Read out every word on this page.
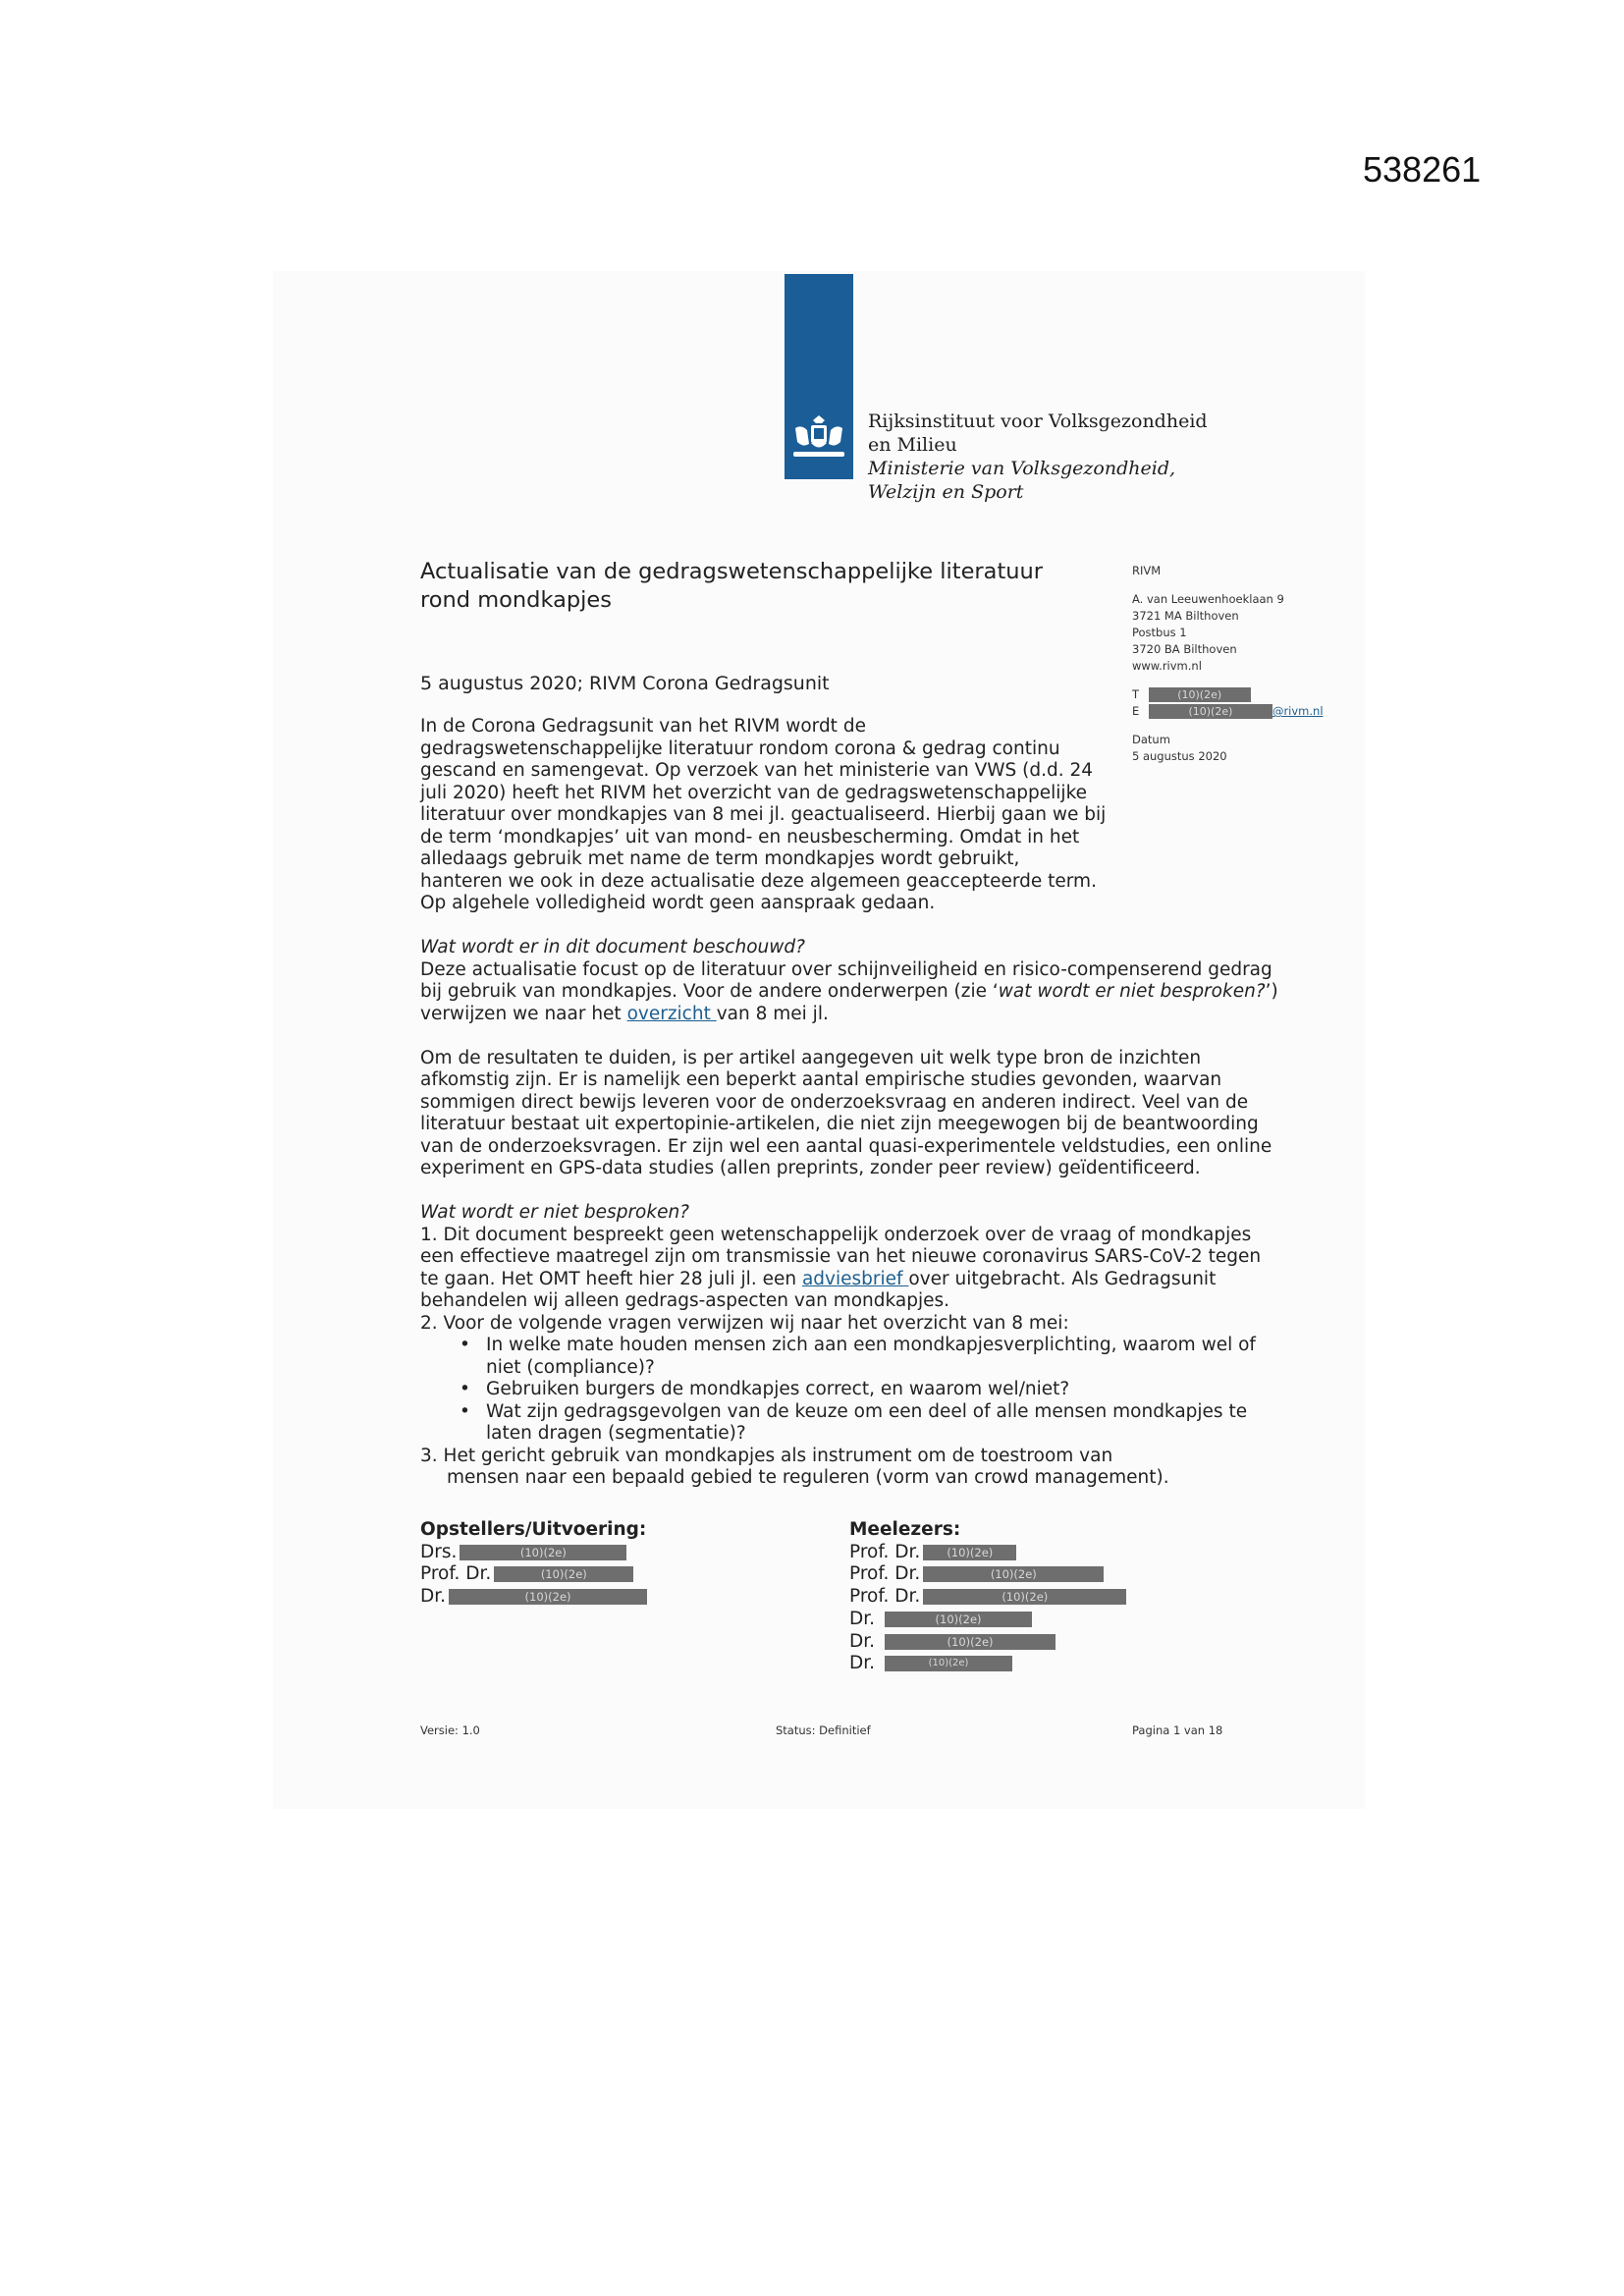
538261
Rijksinstituut voor Volksgezondheid
en Milieu
Ministerie van Volksgezondheid,
Welzijn en Sport
Actualisatie van de gedragswetenschappelijke literatuur rond mondkapjes
5 augustus 2020; RIVM Corona Gedragsunit
RIVM
A. van Leeuwenhoeklaan 9
3721 MA Bilthoven
Postbus 1
3720 BA Bilthoven
www.rivm.nl
T	(10)(2e)
E	(10)(2e)	@rivm.nl
Datum
5 augustus 2020

In de Corona Gedragsunit van het RIVM wordt de gedragswetenschappelijke literatuur rondom corona & gedrag continu gescand en samengevat. Op verzoek van het ministerie van VWS (d.d. 24 juli 2020) heeft het RIVM het overzicht van de gedragswetenschappelijke literatuur over mondkapjes van 8 mei jl. geactualiseerd. Hierbij gaan we bij de term ‘mondkapjes’ uit van mond- en neusbescherming. Omdat in het alledaags gebruik met name de term mondkapjes wordt gebruikt, hanteren we ook in deze actualisatie deze algemeen geaccepteerde term. Op algehele volledigheid wordt geen aanspraak gedaan.

Wat wordt er in dit document beschouwd?

Deze actualisatie focust op de literatuur over schijnveiligheid en risico-compenserend gedrag bij gebruik van mondkapjes. Voor de andere onderwerpen (zie ‘wat wordt er niet besproken?’) verwijzen we naar het overzicht van 8 mei jl.

Om de resultaten te duiden, is per artikel aangegeven uit welk type bron de inzichten afkomstig zijn. Er is namelijk een beperkt aantal empirische studies gevonden, waarvan sommigen direct bewijs leveren voor de onderzoeksvraag en anderen indirect. Veel van de literatuur bestaat uit expertopinie-artikelen, die niet zijn meegewogen bij de beantwoording van de onderzoeksvragen. Er zijn wel een aantal quasi-experimentele veldstudies, een online experiment en GPS-data studies (allen preprints, zonder peer review) geïdentificeerd.

Wat wordt er niet besproken?
1. Dit document bespreekt geen wetenschappelijk onderzoek over de vraag of mondkapjes een effectieve maatregel zijn om transmissie van het nieuwe coronavirus SARS-CoV-2 tegen te gaan. Het OMT heeft hier 28 juli jl. een adviesbrief over uitgebracht. Als Gedragsunit behandelen wij alleen gedrags-aspecten van mondkapjes.
2. Voor de volgende vragen verwijzen wij naar het overzicht van 8 mei:
• In welke mate houden mensen zich aan een mondkapjesverplichting, waarom wel of niet (compliance)?
• Gebruiken burgers de mondkapjes correct, en waarom wel/niet?
• Wat zijn gedragsgevolgen van de keuze om een deel of alle mensen mondkapjes te laten dragen (segmentatie)?
3. Het gericht gebruik van mondkapjes als instrument om de toestroom van
mensen naar een bepaald gebied te reguleren (vorm van crowd management).
Opstellers/Uitvoering:
Drs.	(10)(2e)
Prof. Dr.	(10)(2e)
Dr.	(10)(2e)
Meelezers:
Prof. Dr. (10)(2e)
Prof. Dr.	(10)(2e)
Prof. Dr.	(10)(2e)
Dr.	(10)(2e)
Dr.	(10)(2e)
Dr.	(10)(2e)
Versie: 1.0	Status: Definitief	Pagina 1 van 18
